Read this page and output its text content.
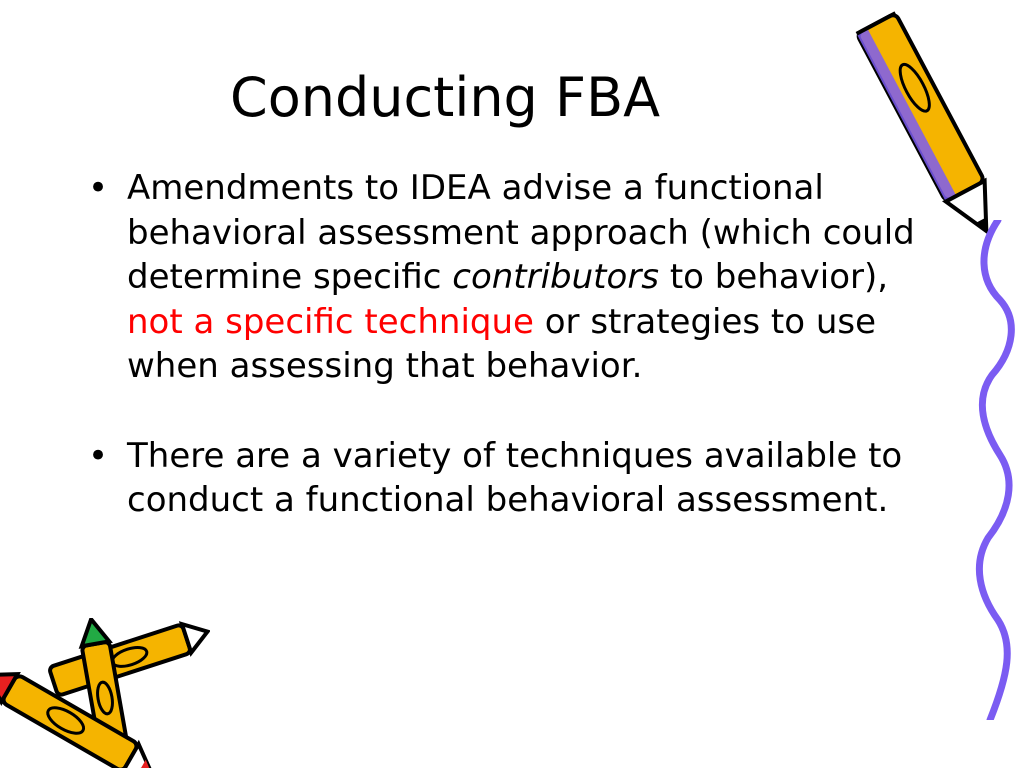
Conducting FBA
• Amendments to IDEA advise a functional behavioral assessment approach (which could determine specific contributors to behavior), not a specific technique or strategies to use when assessing that behavior.
• There are a variety of techniques available to conduct a functional behavioral assessment.
